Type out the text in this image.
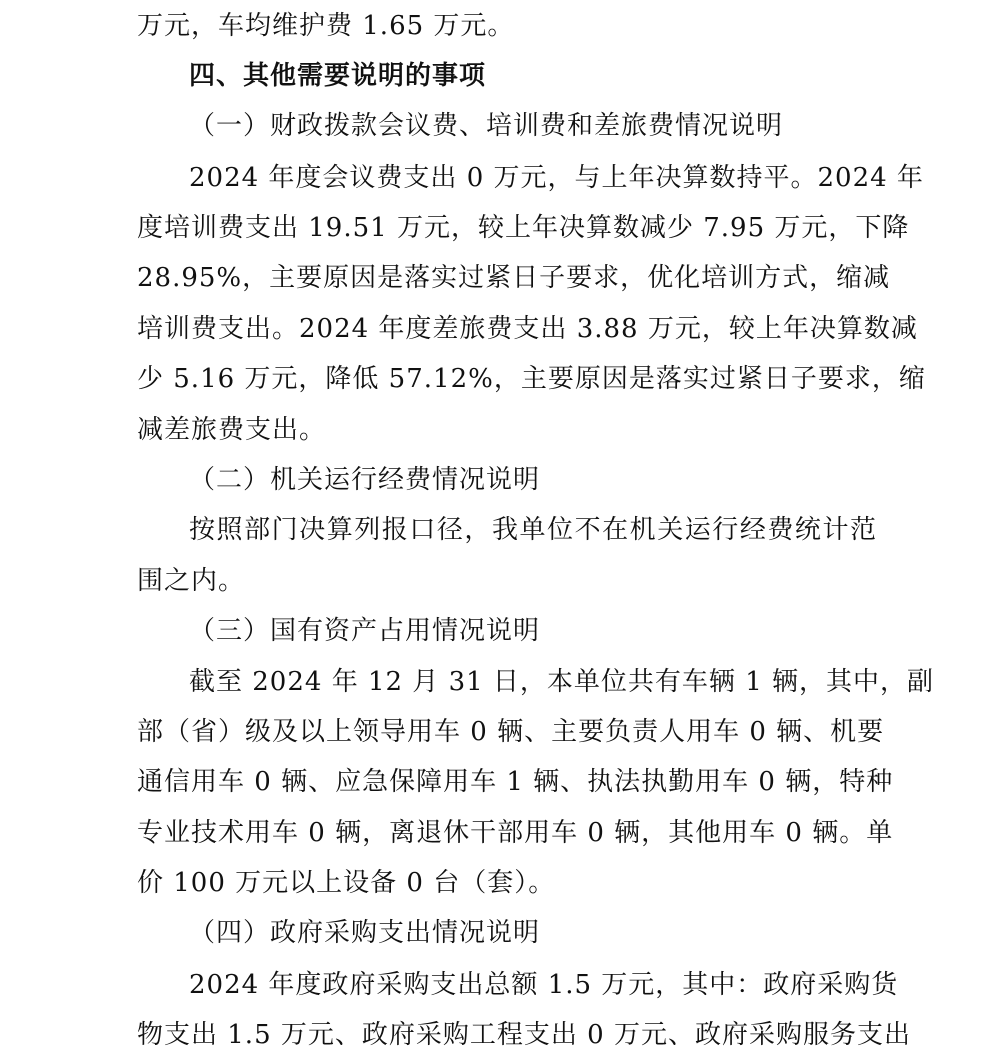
万元，车均维护费 1.65 万元。
四、其他需要说明的事项
（一）财政拨款会议费、培训费和差旅费情况说明
2024 年度会议费支出 0 万元，与上年决算数持平。2024 年
度培训费支出 19.51 万元，较上年决算数减少 7.95 万元，下降
28.95%，主要原因是落实过紧日子要求，优化培训方式，缩减
培训费支出。2024 年度差旅费支出 3.88 万元，较上年决算数减
少 5.16 万元，降低 57.12%，主要原因是落实过紧日子要求，缩
减差旅费支出。
（二）机关运行经费情况说明
按照部门决算列报口径，我单位不在机关运行经费统计范
围之内。
（三）国有资产占用情况说明
截至 2024 年 12 月 31 日，本单位共有车辆 1 辆，其中，副
部（省）级及以上领导用车 0 辆、主要负责人用车 0 辆、机要
通信用车 0 辆、应急保障用车 1 辆、执法执勤用车 0 辆，特种
专业技术用车 0 辆，离退休干部用车 0 辆，其他用车 0 辆。单
价 100 万元以上设备 0 台（套）。
（四）政府采购支出情况说明
2024 年度政府采购支出总额 1.5 万元，其中：政府采购货
物支出 1.5 万元、政府采购工程支出 0 万元、政府采购服务支出
